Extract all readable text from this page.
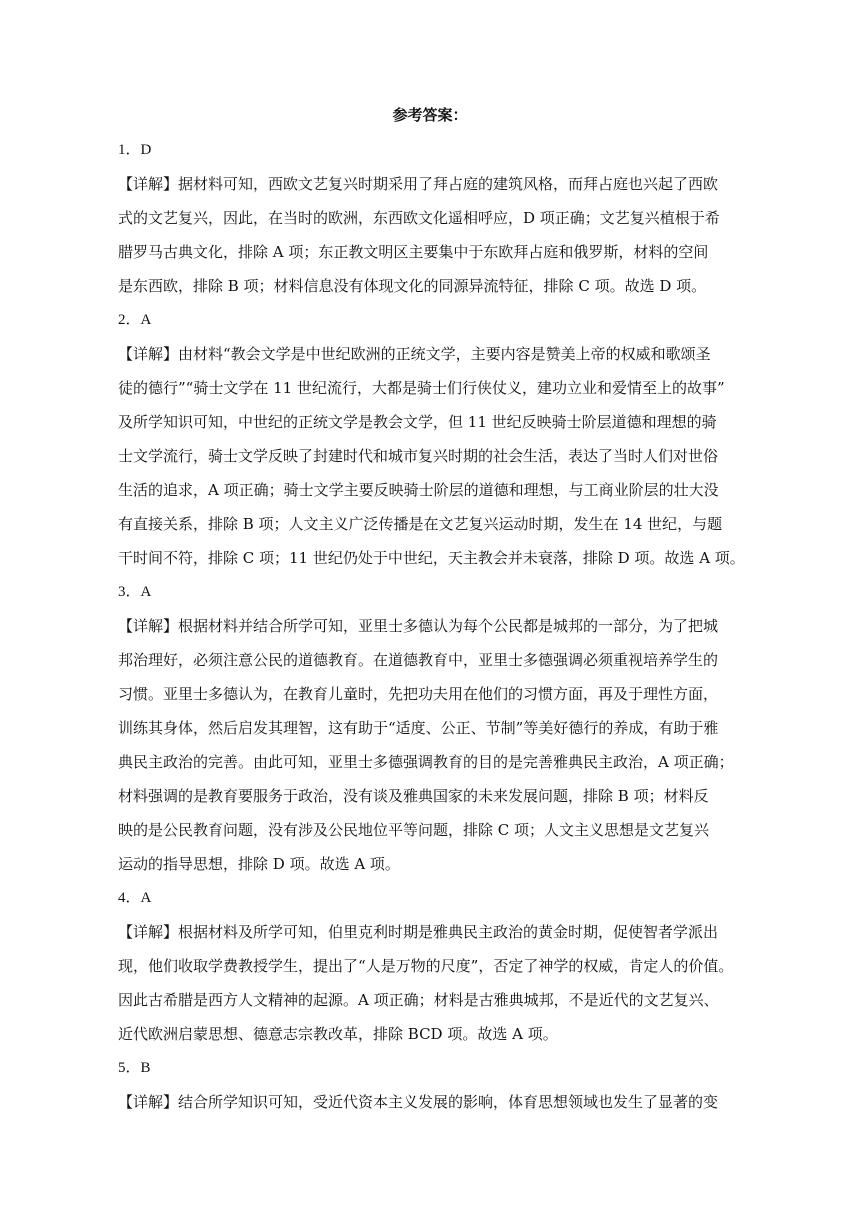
参考答案：
1．D
【详解】据材料可知，西欧文艺复兴时期采用了拜占庭的建筑风格，而拜占庭也兴起了西欧
式的文艺复兴，因此，在当时的欧洲，东西欧文化遥相呼应，D 项正确；文艺复兴植根于希
腊罗马古典文化，排除 A 项；东正教文明区主要集中于东欧拜占庭和俄罗斯，材料的空间
是东西欧，排除 B 项；材料信息没有体现文化的同源异流特征，排除 C 项。故选 D 项。
2．A
【详解】由材料“教会文学是中世纪欧洲的正统文学，主要内容是赞美上帝的权威和歌颂圣
徒的德行”“骑士文学在 11 世纪流行，大都是骑士们行侠仗义，建功立业和爱情至上的故事”
及所学知识可知，中世纪的正统文学是教会文学，但 11 世纪反映骑士阶层道德和理想的骑
士文学流行，骑士文学反映了封建时代和城市复兴时期的社会生活，表达了当时人们对世俗
生活的追求，A 项正确；骑士文学主要反映骑士阶层的道德和理想，与工商业阶层的壮大没
有直接关系，排除 B 项；人文主义广泛传播是在文艺复兴运动时期，发生在 14 世纪，与题
干时间不符，排除 C 项；11 世纪仍处于中世纪，天主教会并未衰落，排除 D 项。故选 A 项。
3．A
【详解】根据材料并结合所学可知，亚里士多德认为每个公民都是城邦的一部分，为了把城
邦治理好，必须注意公民的道德教育。在道德教育中，亚里士多德强调必须重视培养学生的
习惯。亚里士多德认为，在教育儿童时，先把功夫用在他们的习惯方面，再及于理性方面，
训练其身体，然后启发其理智，这有助于“适度、公正、节制”等美好德行的养成，有助于雅
典民主政治的完善。由此可知，亚里士多德强调教育的目的是完善雅典民主政治，A 项正确；
材料强调的是教育要服务于政治，没有谈及雅典国家的未来发展问题，排除 B 项；材料反
映的是公民教育问题，没有涉及公民地位平等问题，排除 C 项；人文主义思想是文艺复兴
运动的指导思想，排除 D 项。故选 A 项。
4．A
【详解】根据材料及所学可知，伯里克利时期是雅典民主政治的黄金时期，促使智者学派出
现，他们收取学费教授学生，提出了“人是万物的尺度”，否定了神学的权威，肯定人的价值。
因此古希腊是西方人文精神的起源。A 项正确；材料是古雅典城邦，不是近代的文艺复兴、
近代欧洲启蒙思想、德意志宗教改革，排除 BCD 项。故选 A 项。
5．B
【详解】结合所学知识可知，受近代资本主义发展的影响，体育思想领域也发生了显著的变
